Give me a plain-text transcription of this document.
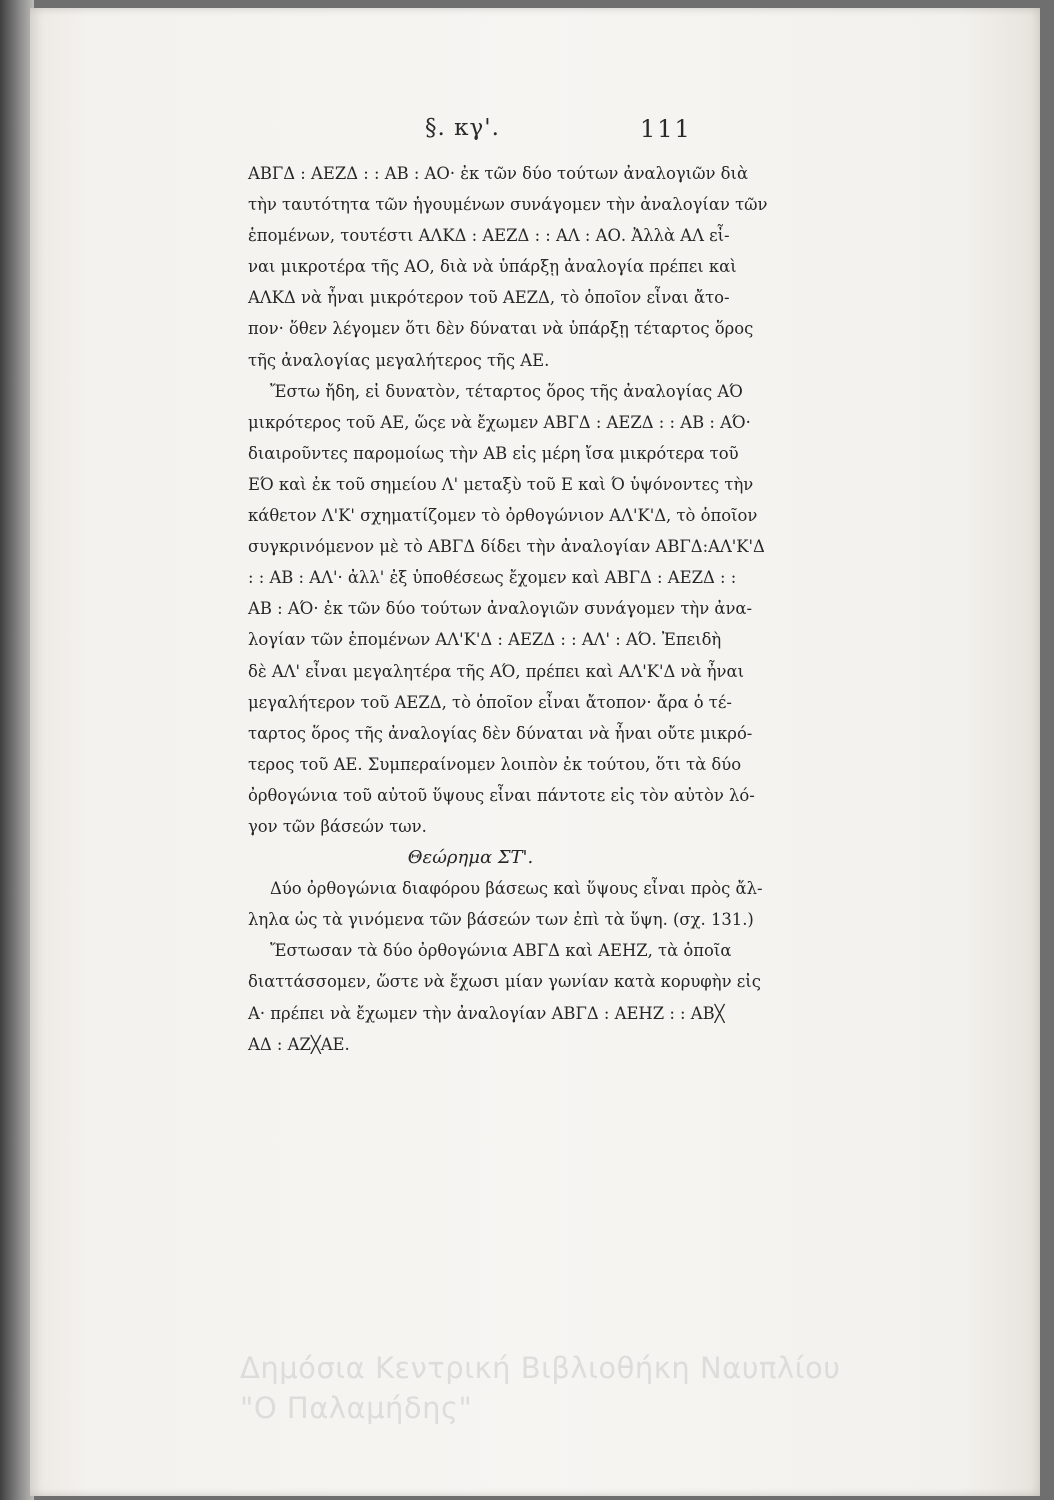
§. κγ'.	111
ΑΒΓΔ : ΑΕΖΔ : : ΑΒ : ΑΟ· ἐκ τῶν δύο τούτων ἀναλογιῶν διὰ
τὴν ταυτότητα τῶν ἡγουμένων συνάγομεν τὴν ἀναλογίαν τῶν
ἑπομένων, τουτέστι ΑΛΚΔ : ΑΕΖΔ : : ΑΛ : ΑΟ. Ἀλλὰ ΑΛ εἶ-
ναι μικροτέρα τῆς ΑΟ, διὰ νὰ ὑπάρξῃ ἀναλογία πρέπει καὶ
ΑΛΚΔ νὰ ἦναι μικρότερον τοῦ ΑΕΖΔ, τὸ ὁποῖον εἶναι ἄτο-
πον· ὅθεν λέγομεν ὅτι δὲν δύναται νὰ ὑπάρξῃ τέταρτος ὅρος
τῆς ἀναλογίας μεγαλήτερος τῆς ΑΕ.
Ἔστω ἤδη, εἰ δυνατὸν, τέταρτος ὅρος τῆς ἀναλογίας ΑΌ
μικρότερος τοῦ ΑΕ, ὥςε νὰ ἔχωμεν ΑΒΓΔ : ΑΕΖΔ : : ΑΒ : ΑΌ·
διαιροῦντες παρομοίως τὴν ΑΒ εἰς μέρη ἴσα μικρότερα τοῦ
ΕΌ καὶ ἐκ τοῦ σημείου Λ' μεταξὺ τοῦ Ε καὶ Ό ὑψόνοντες τὴν
κάθετον Λ'Κ' σχηματίζομεν τὸ ὀρθογώνιον ΑΛ'Κ'Δ, τὸ ὁποῖον
συγκρινόμενον μὲ τὸ ΑΒΓΔ δίδει τὴν ἀναλογίαν ΑΒΓΔ:ΑΛ'Κ'Δ
: : ΑΒ : ΑΛ'· ἀλλ' ἐξ ὑποθέσεως ἔχομεν καὶ ΑΒΓΔ : ΑΕΖΔ : :
ΑΒ : ΑΌ· ἐκ τῶν δύο τούτων ἀναλογιῶν συνάγομεν τὴν ἀνα-
λογίαν τῶν ἑπομένων ΑΛ'Κ'Δ : ΑΕΖΔ : : ΑΛ' : ΑΌ. Ἐπειδὴ
δὲ ΑΛ' εἶναι μεγαλητέρα τῆς ΑΌ, πρέπει καὶ ΑΛ'Κ'Δ νὰ ἦναι
μεγαλήτερον τοῦ ΑΕΖΔ, τὸ ὁποῖον εἶναι ἄτοπον· ἄρα ὁ τέ-
ταρτος ὅρος τῆς ἀναλογίας δὲν δύναται νὰ ἦναι οὔτε μικρό-
τερος τοῦ ΑΕ. Συμπεραίνομεν λοιπὸν ἐκ τούτου, ὅτι τὰ δύο
ὀρθογώνια τοῦ αὐτοῦ ὕψους εἶναι πάντοτε εἰς τὸν αὐτὸν λό-
γον τῶν βάσεών των.
Θεώρημα ΣΤ'.
Δύο ὀρθογώνια διαφόρου βάσεως καὶ ὕψους εἶναι πρὸς ἄλ-
ληλα ὡς τὰ γινόμενα τῶν βάσεών των ἐπὶ τὰ ὕψη. (σχ. 131.)
Ἔστωσαν τὰ δύο ὀρθογώνια ΑΒΓΔ καὶ ΑΕΗΖ, τὰ ὁποῖα
διαττάσσομεν, ὥστε νὰ ἔχωσι μίαν γωνίαν κατὰ κορυφὴν εἰς
Α· πρέπει νὰ ἔχωμεν τὴν ἀναλογίαν ΑΒΓΔ : ΑΕΗΖ : : ΑΒ╳
ΑΔ : ΑΖ╳ΑΕ.
Δημόσια Κεντρική Βιβλιοθήκη Ναυπλίου
"Ο Παλαμήδης"
